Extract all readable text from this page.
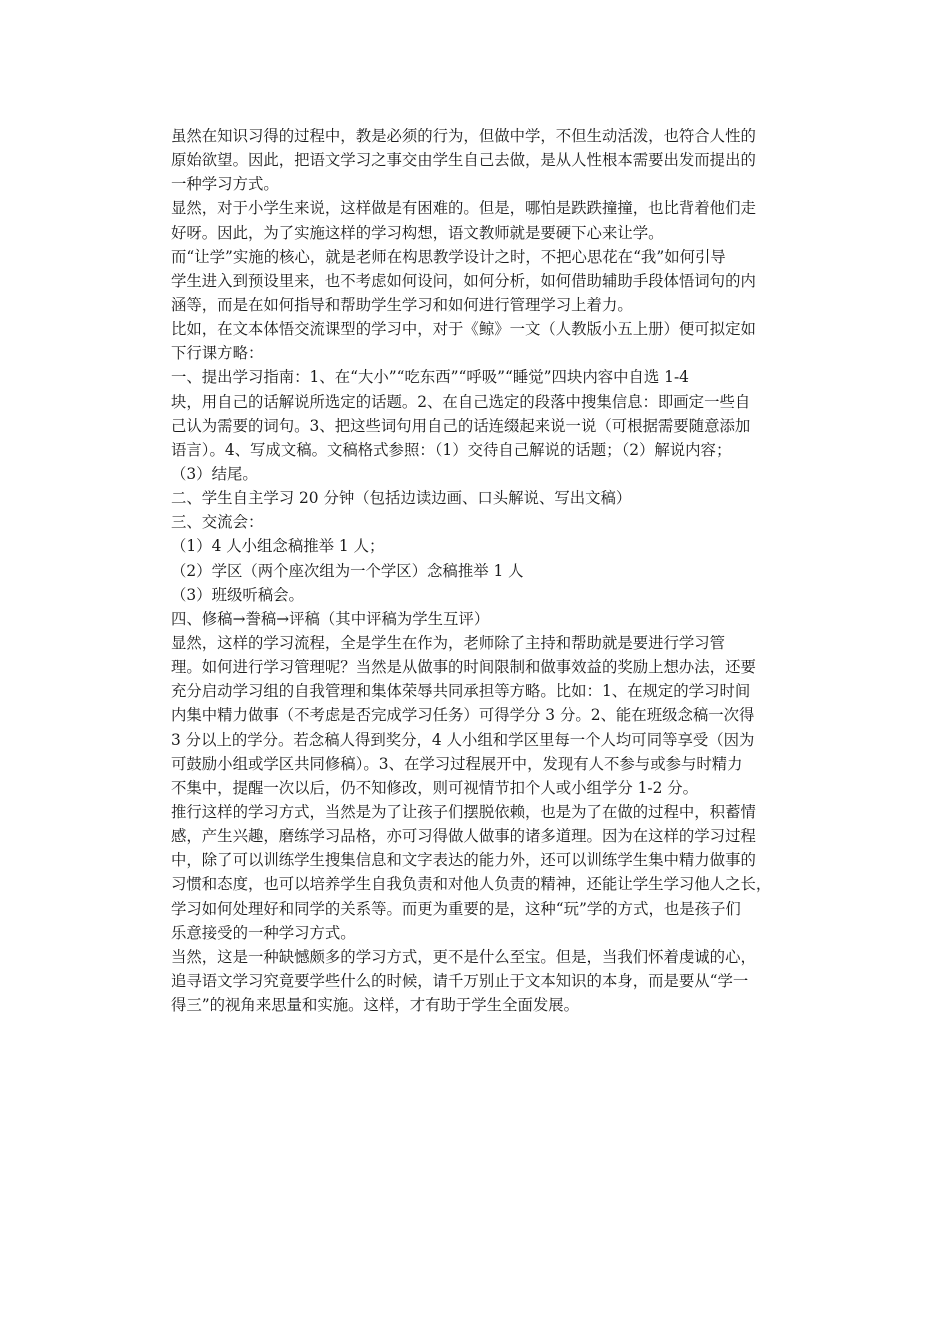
虽然在知识习得的过程中，教是必须的行为，但做中学，不但生动活泼，也符合人性的
原始欲望。因此，把语文学习之事交由学生自己去做，是从人性根本需要出发而提出的
一种学习方式。
显然，对于小学生来说，这样做是有困难的。但是，哪怕是跌跌撞撞，也比背着他们走
好呀。因此，为了实施这样的学习构想，语文教师就是要硬下心来让学。
而“让学”实施的核心，就是老师在构思教学设计之时，不把心思花在“我”如何引导
学生进入到预设里来，也不考虑如何设问，如何分析，如何借助辅助手段体悟词句的内
涵等，而是在如何指导和帮助学生学习和如何进行管理学习上着力。
比如，在文本体悟交流课型的学习中，对于《鲸》一文（人教版小五上册）便可拟定如
下行课方略：
一、提出学习指南：1、在“大小”“吃东西”“呼吸”“睡觉”四块内容中自选 1-4
块，用自己的话解说所选定的话题。2、在自己选定的段落中搜集信息：即画定一些自
己认为需要的词句。3、把这些词句用自己的话连缀起来说一说（可根据需要随意添加
语言）。4、写成文稿。文稿格式参照：（1）交待自己解说的话题；（2）解说内容；
（3）结尾。
二、学生自主学习 20 分钟（包括边读边画、口头解说、写出文稿）
三、交流会：
（1）4 人小组念稿推举 1 人；
（2）学区（两个座次组为一个学区）念稿推举 1 人
（3）班级听稿会。
四、修稿→誊稿→评稿（其中评稿为学生互评）
显然，这样的学习流程，全是学生在作为，老师除了主持和帮助就是要进行学习管
理。如何进行学习管理呢？当然是从做事的时间限制和做事效益的奖励上想办法，还要
充分启动学习组的自我管理和集体荣辱共同承担等方略。比如：1、在规定的学习时间
内集中精力做事（不考虑是否完成学习任务）可得学分 3 分。2、能在班级念稿一次得
3 分以上的学分。若念稿人得到奖分，4 人小组和学区里每一个人均可同等享受（因为
可鼓励小组或学区共同修稿）。3、在学习过程展开中，发现有人不参与或参与时精力
不集中，提醒一次以后，仍不知修改，则可视情节扣个人或小组学分 1-2 分。
推行这样的学习方式，当然是为了让孩子们摆脱依赖，也是为了在做的过程中，积蓄情
感，产生兴趣，磨练学习品格，亦可习得做人做事的诸多道理。因为在这样的学习过程
中，除了可以训练学生搜集信息和文字表达的能力外，还可以训练学生集中精力做事的
习惯和态度，也可以培养学生自我负责和对他人负责的精神，还能让学生学习他人之长，
学习如何处理好和同学的关系等。而更为重要的是，这种“玩”学的方式，也是孩子们
乐意接受的一种学习方式。
当然，这是一种缺憾颇多的学习方式，更不是什么至宝。但是，当我们怀着虔诚的心，
追寻语文学习究竟要学些什么的时候，请千万别止于文本知识的本身，而是要从“学一
得三”的视角来思量和实施。这样，才有助于学生全面发展。
